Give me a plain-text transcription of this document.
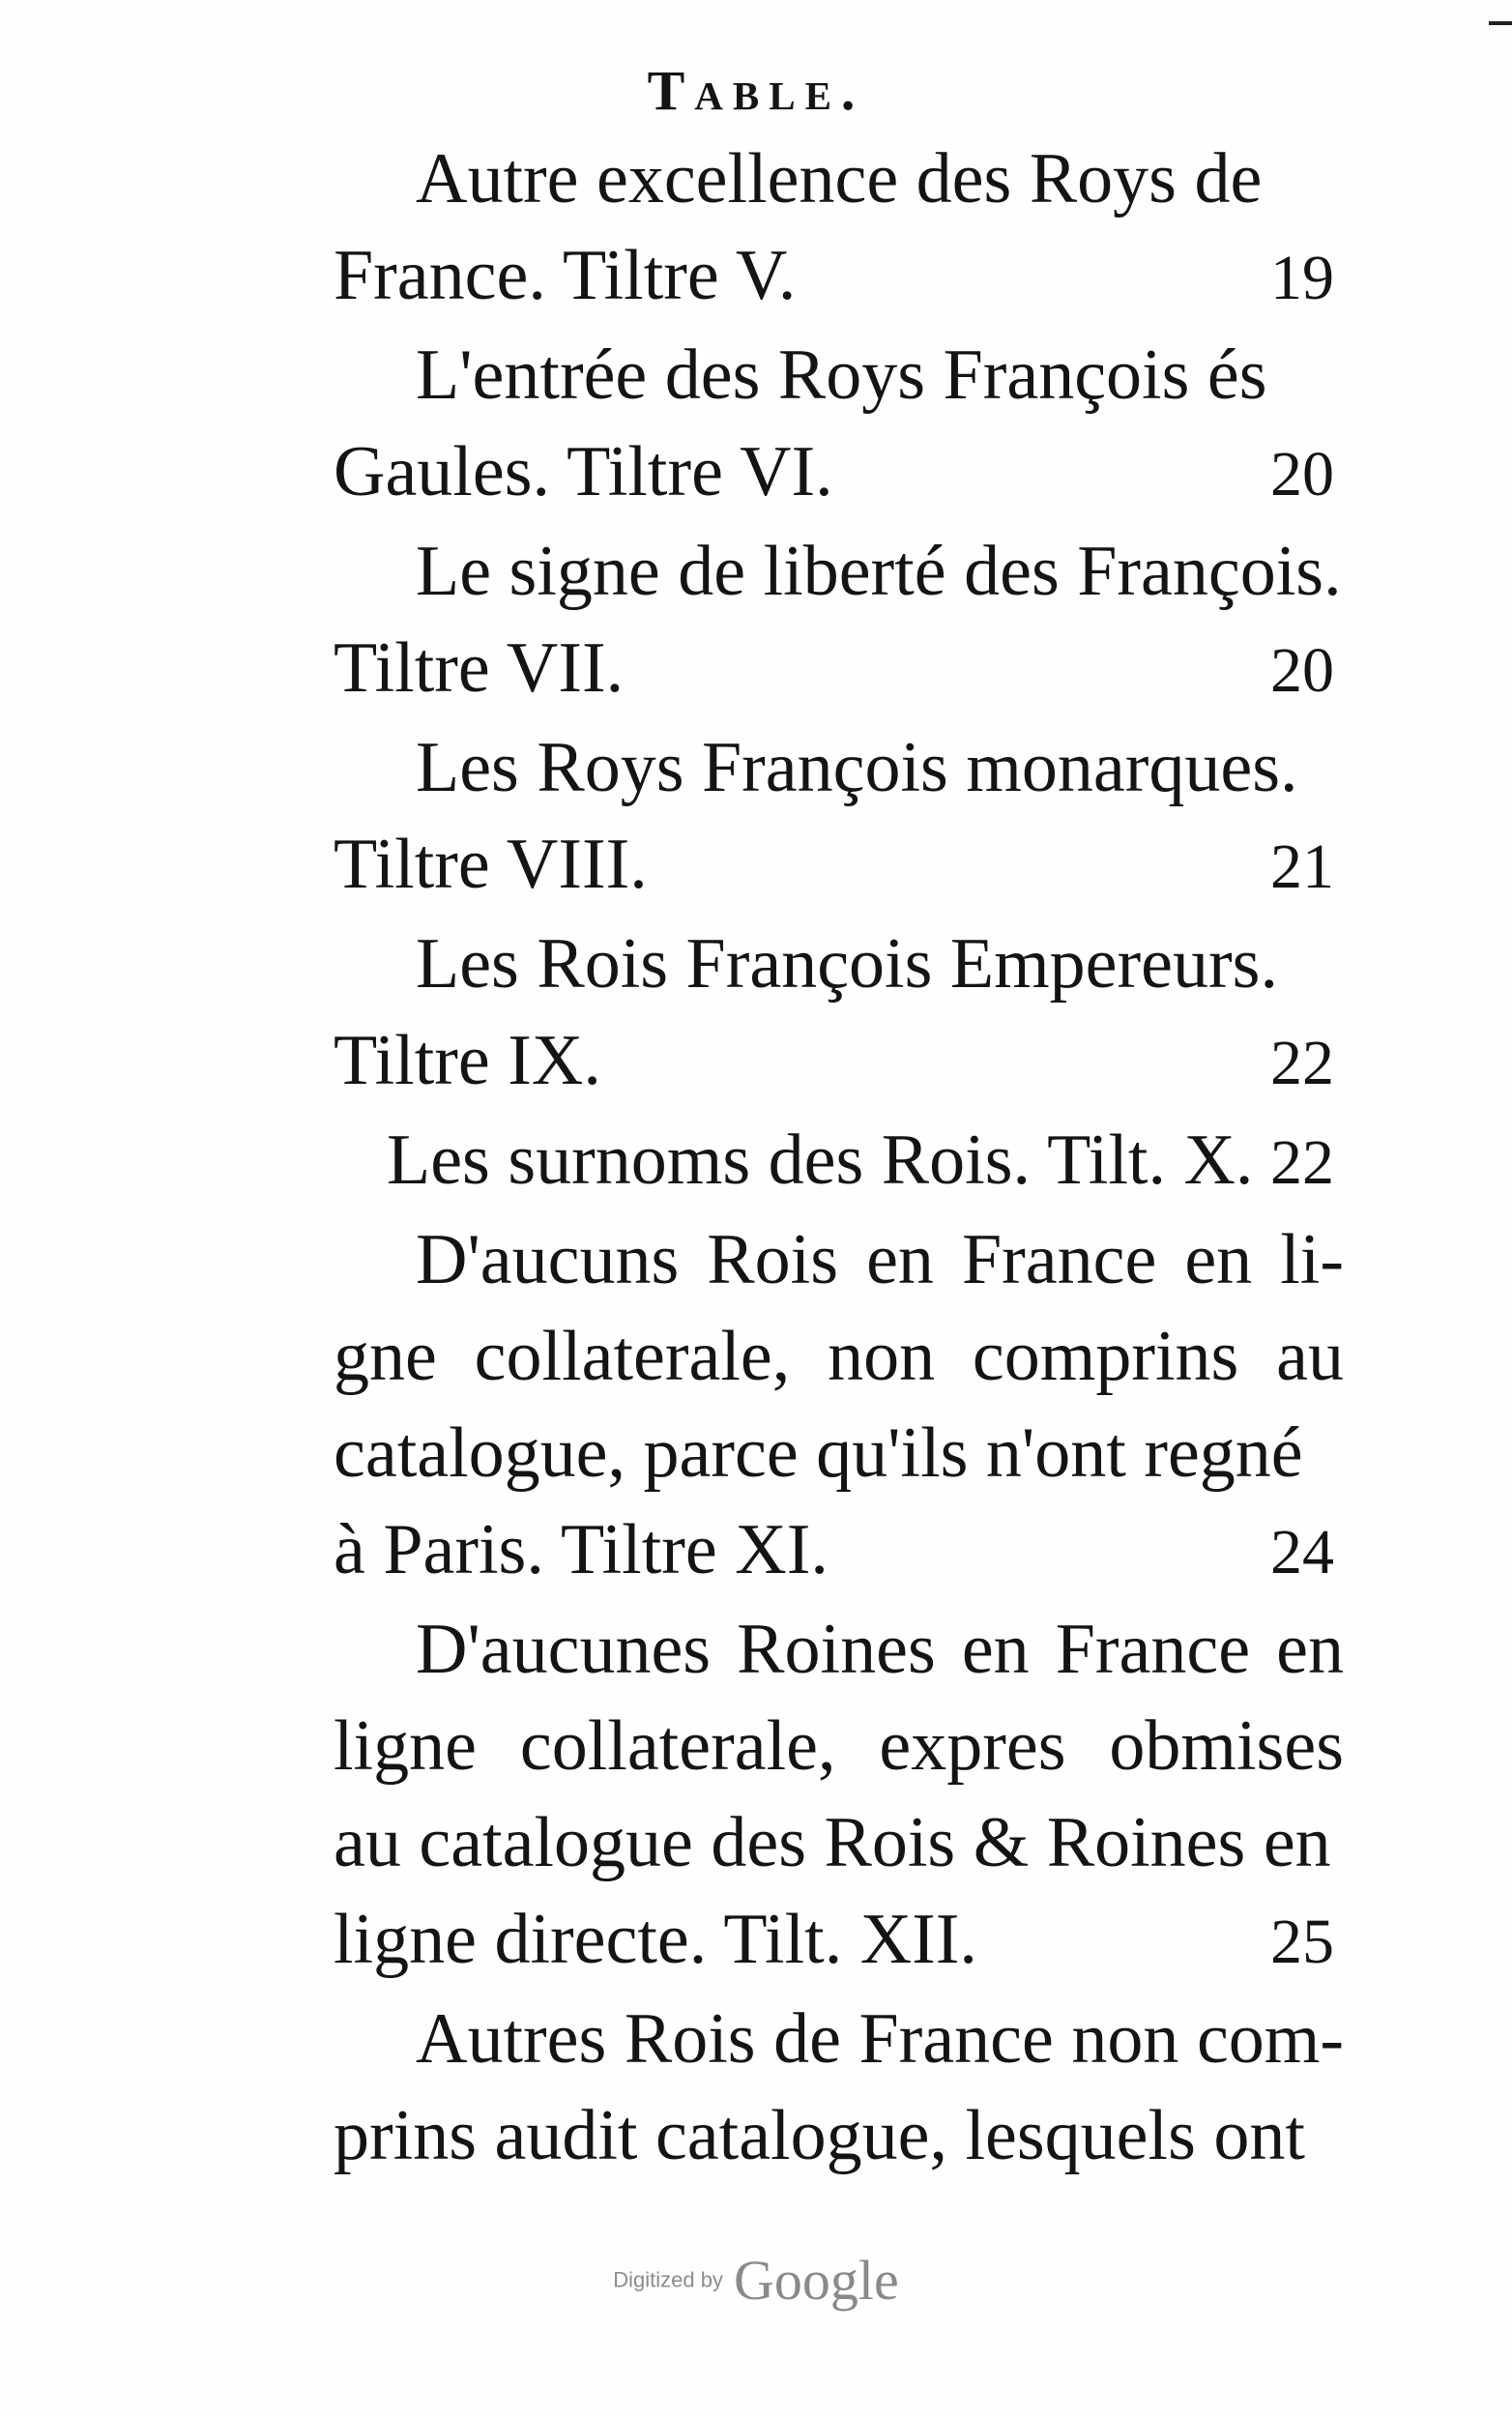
Table.
Autre excellence des Roys de
France. Tiltre V.	19
L'entrée des Roys François és
Gaules. Tiltre VI.	20
Le signe de liberté des François.
Tiltre VII.	20
Les Roys François monarques.
Tiltre VIII.	21
Les Rois François Empereurs.
Tiltre IX.	22
Les surnoms des Rois. Tilt. X. 22
D'aucuns Rois en France en li-gne collaterale, non comprins au catalogue, parce qu'ils n'ont regné
à Paris. Tiltre XI.	24
D'aucunes Roines en France en ligne collaterale, expres obmises au catalogue des Rois & Roines en
ligne directe. Tilt. XII.	25
Autres Rois de France non com-prins audit catalogue, lesquels ont
Digitized by Google
